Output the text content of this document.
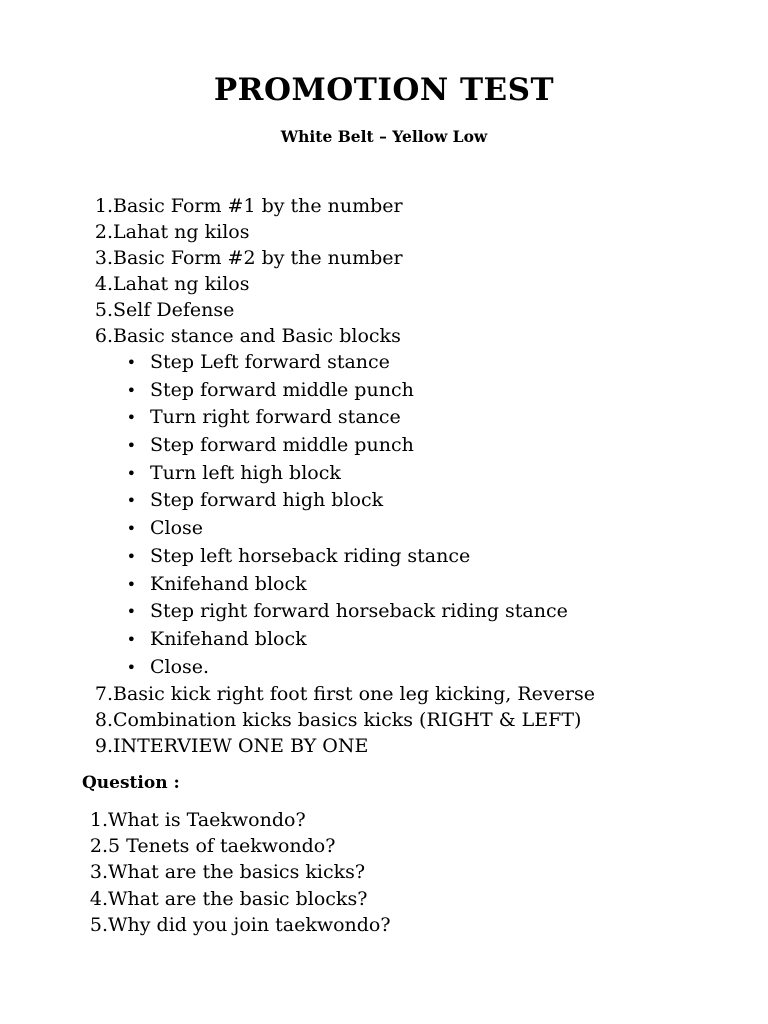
PROMOTION TEST
White Belt – Yellow Low
1.Basic Form #1 by the number
2.Lahat ng kilos
3.Basic Form #2 by the number
4.Lahat ng kilos
5.Self Defense
6.Basic stance and Basic blocks
• Step Left forward stance
• Step forward middle punch
• Turn right forward stance
• Step forward middle punch
• Turn left high block
• Step forward high block
• Close
• Step left horseback riding stance
• Knifehand block
• Step right forward horseback riding stance
• Knifehand block
• Close.
7.Basic kick right foot first one leg kicking, Reverse
8.Combination kicks basics kicks (RIGHT & LEFT)
9.INTERVIEW ONE BY ONE
Question :
1.What is Taekwondo?
2.5 Tenets of taekwondo?
3.What are the basics kicks?
4.What are the basic blocks?
5.Why did you join taekwondo?
